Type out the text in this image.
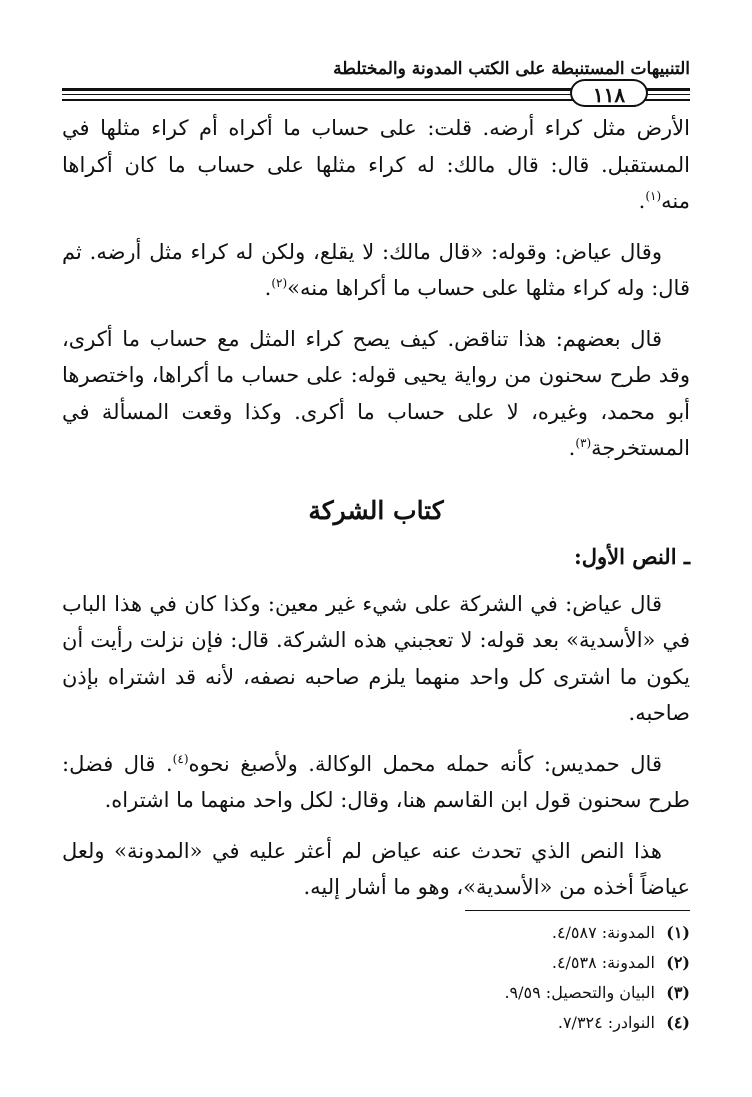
التنبيهات المستنبطة على الكتب المدونة والمختلطة
١١٨

الأرض مثل كراء أرضه. قلت: على حساب ما أكراه أم كراء مثلها في المستقبل. قال: قال مالك: له كراء مثلها على حساب ما كان أكراها منه$^{(١)}$.

وقال عياض: وقوله: «قال مالك: لا يقلع، ولكن له كراء مثل أرضه. ثم قال: وله كراء مثلها على حساب ما أكراها منه»$^{(٢)}$.

قال بعضهم: هذا تناقض. كيف يصح كراء المثل مع حساب ما أكرى، وقد طرح سحنون من رواية يحيى قوله: على حساب ما أكراها، واختصرها أبو محمد، وغيره، لا على حساب ما أكرى. وكذا وقعت المسألة في المستخرجة$^{(٣)}$.

كتاب الشركة
ـ النص الأول:

قال عياض: في الشركة على شيء غير معين: وكذا كان في هذا الباب في «الأسدية» بعد قوله: لا تعجبني هذه الشركة. قال: فإن نزلت رأيت أن يكون ما اشترى كل واحد منهما يلزم صاحبه نصفه، لأنه قد اشتراه بإذن صاحبه.

قال حمديس: كأنه حمله محمل الوكالة. ولأصبغ نحوه$^{(٤)}$. قال فضل: طرح سحنون قول ابن القاسم هنا، وقال: لكل واحد منهما ما اشتراه.

هذا النص الذي تحدث عنه عياض لم أعثر عليه في «المدونة» ولعل عياضاً أخذه من «الأسدية»، وهو ما أشار إليه.

(١) المدونة: ٤/٥٨٧.
(٢) المدونة: ٤/٥٣٨.
(٣) البيان والتحصيل: ٩/٥٩.
(٤) النوادر: ٧/٣٢٤.
